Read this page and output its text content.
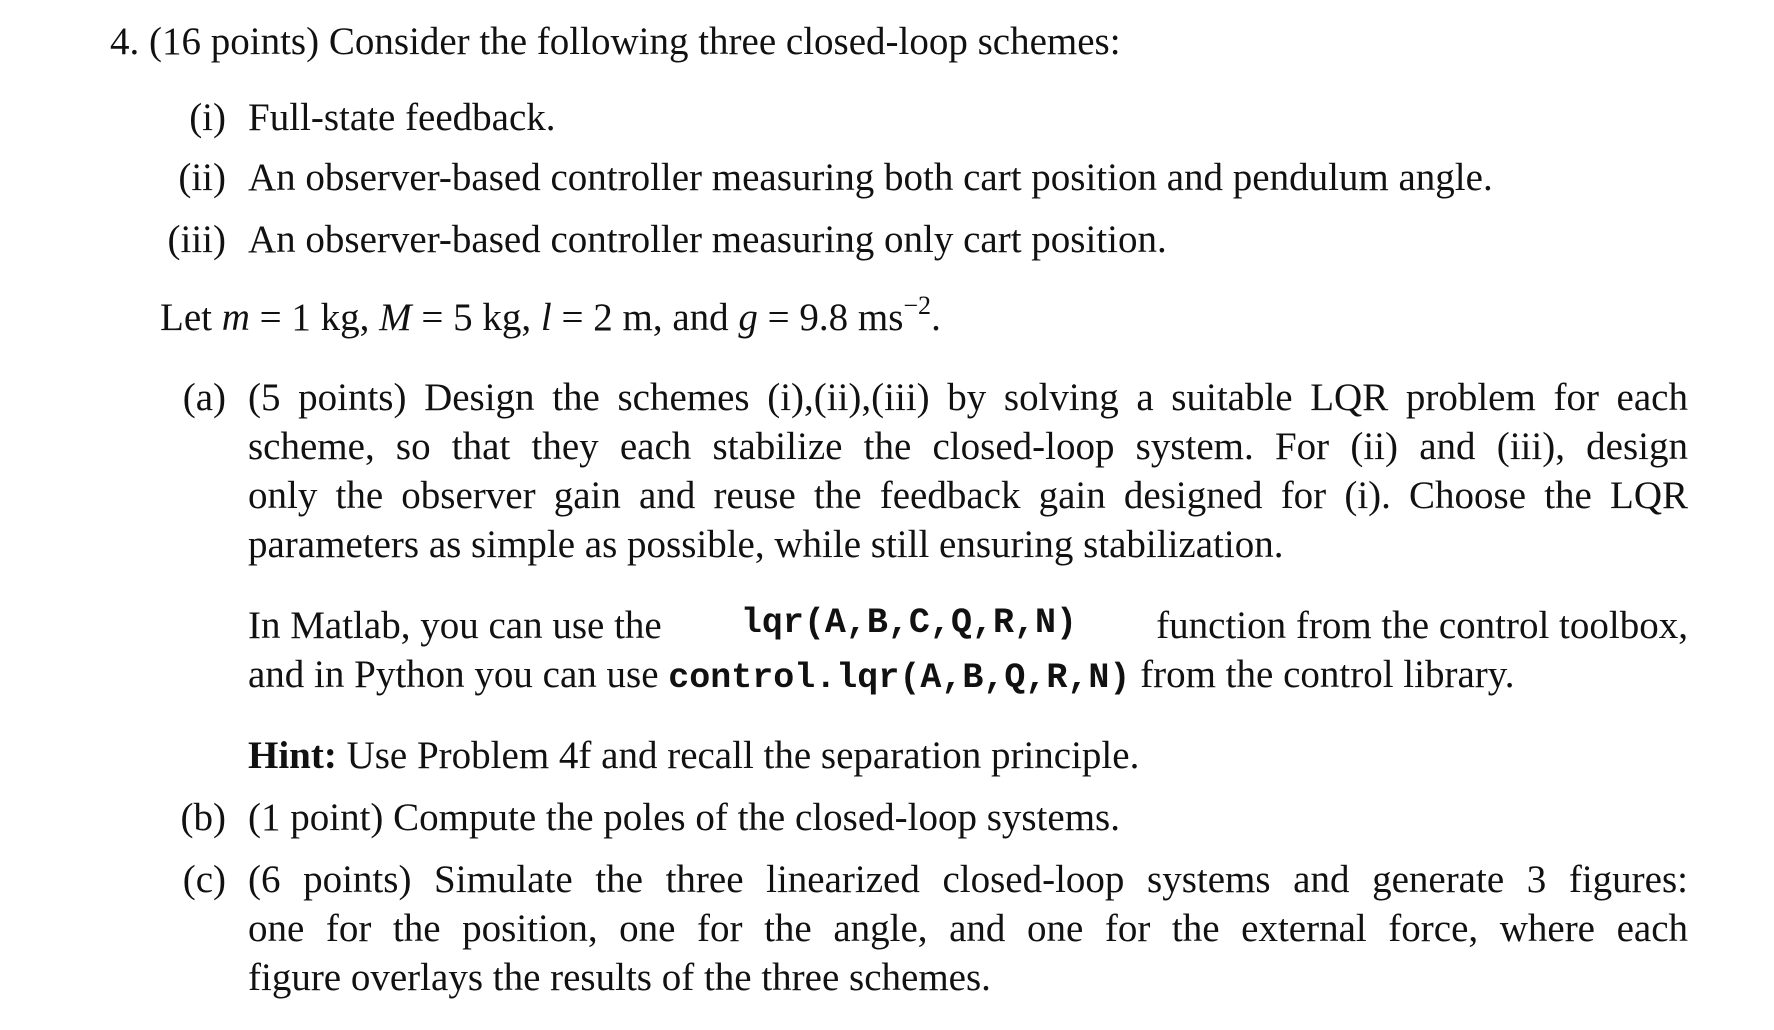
4. (16 points) Consider the following three closed-loop schemes:
(i) Full-state feedback.
(ii) An observer-based controller measuring both cart position and pendulum angle.
(iii) An observer-based controller measuring only cart position.
Let m = 1 kg, M = 5 kg, l = 2 m, and g = 9.8 $ms^{-2}$.
(a) (5 points) Design the schemes (i),(ii),(iii) by solving a suitable LQR problem for each
scheme, so that they each stabilize the closed-loop system. For (ii) and (iii), design
only the observer gain and reuse the feedback gain designed for (i). Choose the LQR
parameters as simple as possible, while still ensuring stabilization.
In Matlab, you can use the lqr(A,B,C,Q,R,N) function from the control toolbox,
and in Python you can use control.lqr(A,B,Q,R,N) from the control library.
Hint: Use Problem 4f and recall the separation principle.
(b) (1 point) Compute the poles of the closed-loop systems.
(c) (6 points) Simulate the three linearized closed-loop systems and generate 3 figures:
one for the position, one for the angle, and one for the external force, where each
figure overlays the results of the three schemes.
